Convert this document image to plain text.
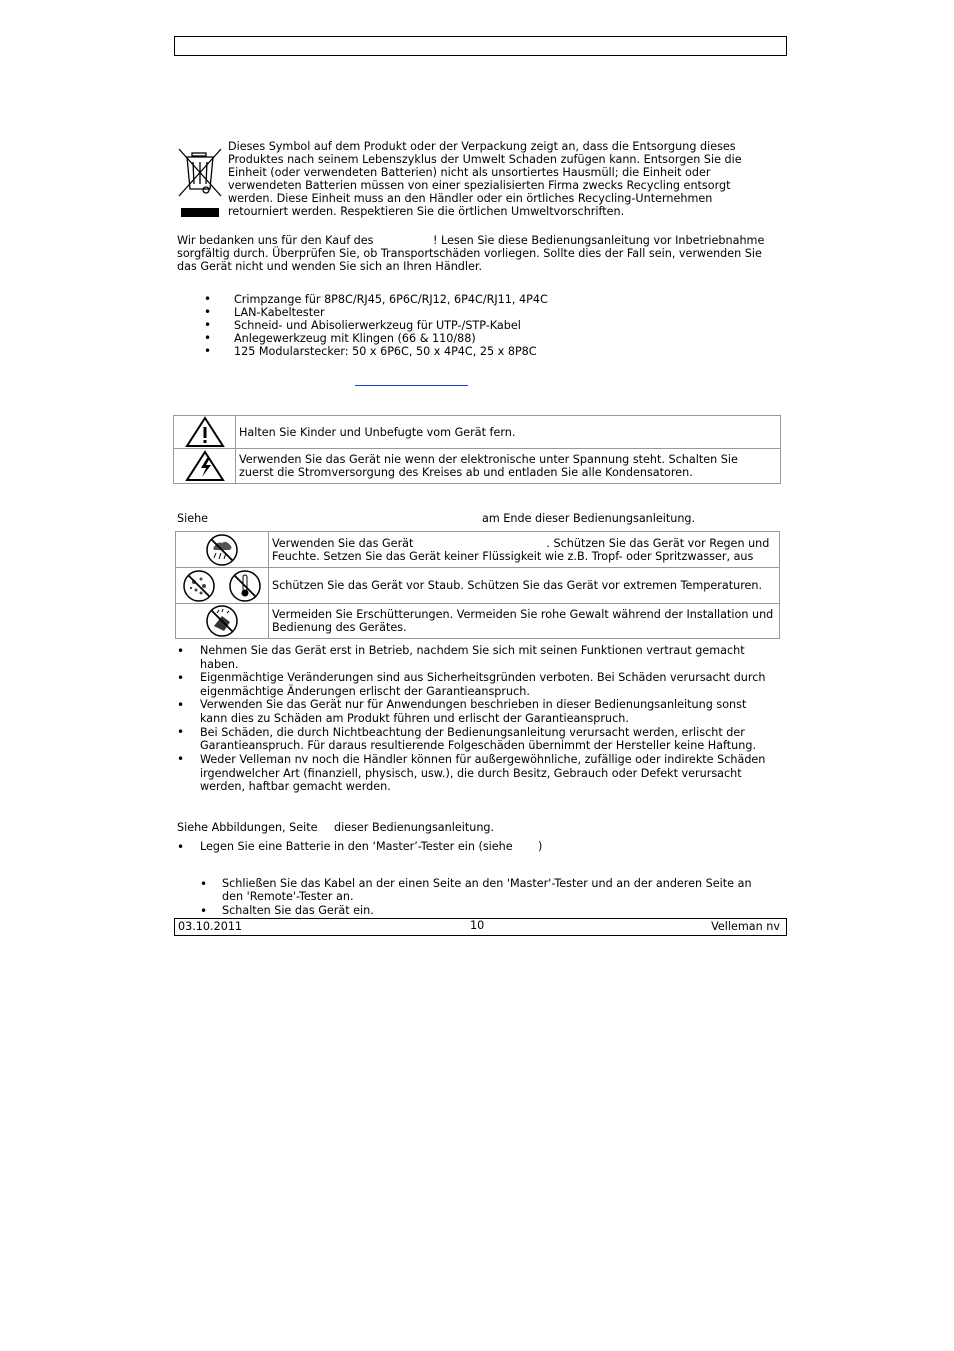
Dieses Symbol auf dem Produkt oder der Verpackung zeigt an, dass die Entsorgung dieses
Produktes nach seinem Lebenszyklus der Umwelt Schaden zufügen kann. Entsorgen Sie die
Einheit (oder verwendeten Batterien) nicht als unsortiertes Hausmüll; die Einheit oder
verwendeten Batterien müssen von einer spezialisierten Firma zwecks Recycling entsorgt
werden. Diese Einheit muss an den Händler oder ein örtliches Recycling-Unternehmen
retourniert werden. Respektieren Sie die örtlichen Umweltvorschriften.
Wir bedanken uns für den Kauf des	! Lesen Sie diese Bedienungsanleitung vor Inbetriebnahme
sorgfältig durch. Überprüfen Sie, ob Transportschäden vorliegen. Sollte dies der Fall sein, verwenden Sie
das Gerät nicht und wenden Sie sich an Ihren Händler.
• Crimpzange für 8P8C/RJ45, 6P6C/RJ12, 6P4C/RJ11, 4P4C
• LAN-Kabeltester
• Schneid- und Abisolierwerkzeug für UTP-/STP-Kabel
• Anlegewerkzeug mit Klingen (66 & 110/88)
• 125 Modularstecker: 50 x 6P6C, 50 x 4P4C, 25 x 8P8C
	Halten Sie Kinder und Unbefugte vom Gerät fern.

Verwenden Sie das Gerät nie wenn der elektronische unter Spannung steht. Schalten Sie
zuerst die Stromversorgung des Kreises ab und entladen Sie alle Kondensatoren.
Siehe	am Ende dieser Bedienungsanleitung.

Verwenden Sie das Gerät . Schützen Sie das Gerät vor Regen und
Feuchte. Setzen Sie das Gerät keiner Flüssigkeit wie z.B. Tropf- oder Spritzwasser, aus

	Schützen Sie das Gerät vor Staub. Schützen Sie das Gerät vor extremen Temperaturen.

Vermeiden Sie Erschütterungen. Vermeiden Sie rohe Gewalt während der Installation und
Bedienung des Gerätes.
• Nehmen Sie das Gerät erst in Betrieb, nachdem Sie sich mit seinen Funktionen vertraut gemacht
haben.
• Eigenmächtige Veränderungen sind aus Sicherheitsgründen verboten. Bei Schäden verursacht durch
eigenmächtige Änderungen erlischt der Garantieanspruch.
• Verwenden Sie das Gerät nur für Anwendungen beschrieben in dieser Bedienungsanleitung sonst
kann dies zu Schäden am Produkt führen und erlischt der Garantieanspruch.
• Bei Schäden, die durch Nichtbeachtung der Bedienungsanleitung verursacht werden, erlischt der
Garantieanspruch. Für daraus resultierende Folgeschäden übernimmt der Hersteller keine Haftung.
• Weder Velleman nv noch die Händler können für außergewöhnliche, zufällige oder indirekte Schäden
irgendwelcher Art (finanziell, physisch, usw.), die durch Besitz, Gebrauch oder Defekt verursacht
werden, haftbar gemacht werden.
Siehe Abbildungen, Seite dieser Bedienungsanleitung.
• Legen Sie eine Batterie in den ‘Master’-Tester ein (siehe )
• Schließen Sie das Kabel an der einen Seite an den 'Master'-Tester und an der anderen Seite an
den 'Remote'-Tester an.
• Schalten Sie das Gerät ein.
03.10.2011	10	Velleman nv
